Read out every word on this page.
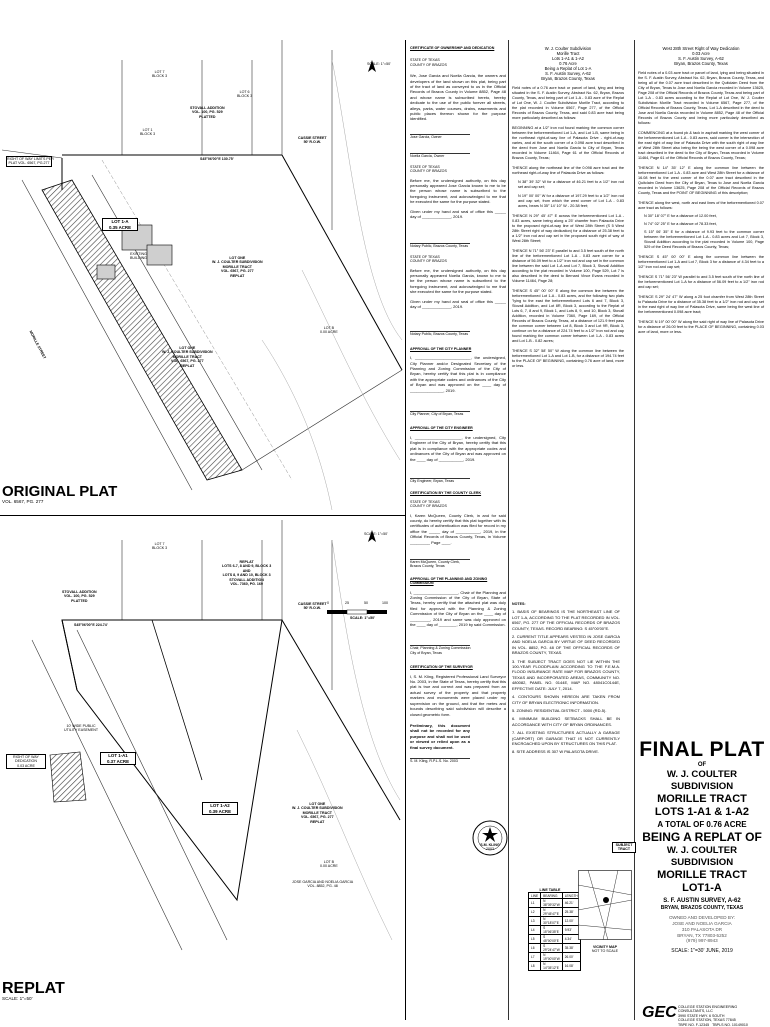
SCALE: 1"=50'
LOT 7
BLOCK 3
LOT 6
BLOCK 3
LOT 1
BLOCK 3
STOVALL ADDITION
VOL. 100, PG. 529
PLATTED
CASSIE STREET
50' R.O.W.
S45°06'00"E 130.75'
RIGHT OF WAY LIMITS PER
PLAT VOL. 6567, PG.277
LOT 1-A
0.35 ACRE
LOT ONE
W. J. COULTER SUBDIVISION
MORILLE TRACT
VOL. 6567, PG. 277
REPLAT
LOT ONE
W. J. COULTER SUBDIVISION
MORILLE TRACT
VOL. 6567, PG. 277
REPLAT
LOT B
0.00 ACRE
EXISTING
BUILDING
MORILLE STREET
ORIGINAL PLAT
VOL. 6567, PG. 277
SCALE: 1"=50'
LOT 7
BLOCK 3
REPLAT
LOTS 6-7, 8 AND 9, BLOCK 3
AND
LOTS 8, 9 AND 10, BLOCK 3
STOVALL ADDITION
VOL. 7360, PG. 169
STOVALL ADDITION
VOL. 100, PG. 529
PLATTED
CASSIE STREET
50' R.O.W.
S45°06'00"E 224.74'
RIGHT OF WAY
DEDICATION
0.03 ACRE
LOT 1-A1
0.37 ACRE
LOT 1-A2
0.39 ACRE
LOT ONE
W. J. COULTER SUBDIVISION
MORILLE TRACT
VOL. 6567, PG. 277
REPLAT
10' WIDE PUBLIC
UTILITY EASEMENT
LOT B
0.00 ACRE
JOSE GARCIA AND NOELIA GARCIA
VOL. 8852, PG. 48
0	25	50	100
SCALE: 1"=50'
REPLAT
SCALE: 1"=50'
CERTIFICATE OF OWNERSHIP AND DEDICATION
STATE OF TEXAS
COUNTY OF BRAZOS
We, Jose Garcia and Noelia Garcia, the owners and developers of the land shown on this plat, being part of the tract of land as conveyed to us in the Official Records of Brazos County in Volume 8852, Page 48 and whose name is subscribed hereto, hereby dedicate to the use of the public forever all streets, alleys, parks, water courses, drains, easements and public places thereon shown for the purpose identified.
Jose Garcia, Owner
Noelia Garcia, Owner
STATE OF TEXAS
COUNTY OF BRAZOS
Before me, the undersigned authority, on this day personally appeared Jose Garcia known to me to be the person whose name is subscribed to the foregoing instrument, and acknowledged to me that he executed the same for the purpose stated.
Given under my hand and seal of office this _____ day of _____________, 2019.
Notary Public, Brazos County, Texas
STATE OF TEXAS
COUNTY OF BRAZOS
Before me, the undersigned authority, on this day personally appeared Noelia Garcia, known to me to be the person whose name is subscribed to the foregoing instrument, and acknowledged to me that she executed the same for the purpose stated.
Given under my hand and seal of office this _____ day of _____________, 2019.
Notary Public, Brazos County, Texas
APPROVAL OF THE CITY PLANNER
I, _________________________, the undersigned, City Planner and/or Designated Secretary of the Planning and Zoning Commission of the City of Bryan, hereby certify that this plat is in compliance with the appropriate codes and ordinances of the City of Bryan and was approved on the ____ day of _______________, 2019.
City Planner, City of Bryan, Texas
APPROVAL OF THE CITY ENGINEER
I, _____________________, the undersigned, City Engineer of the City of Bryan, hereby certify that this plat is in compliance with the appropriate codes and ordinances of the City of Bryan and was approved on the ____ day of ___________, 2019.
City Engineer, Bryan, Texas
CERTIFICATION BY THE COUNTY CLERK
STATE OF TEXAS
COUNTY OF BRAZOS
I, Karen McQueen, County Clerk, in and for said county, do hereby certify that this plat together with its certificates of authentication was filed for record in my office the _____ day of ___________, 2019, in the Official Records of Brazos County, Texas, in Volume _________ Page ____.
Karen McQueen, County Clerk,
Brazos County, Texas
APPROVAL OF THE PLANNING AND ZONING COMMISSION
I, ____________________, Chair of the Planning and Zoning Commission of the City of Bryan, State of Texas, hereby certify that the attached plat was duly filed for approval with the Planning & Zoning Commission of the City of Bryan on the ____ day of _________, 2019 and same was duly approved on the ____ day of ________, 2019 by said Commission.
Chair, Planning & Zoning Commission
City of Bryan, Texas
CERTIFICATION OF THE SURVEYOR
I, S. M. Kling, Registered Professional Land Surveyor No. 2003, in the State of Texas, hereby certify that this plat is true and correct and was prepared from an actual survey of the property and that property markers and monuments were placed under my supervision on the ground, and that the metes and bounds describing said subdivision will describe a closed geometric form.
Preliminary, this document shall not be recorded for any purpose and shall not be used or viewed or relied upon as a final survey document.
S. M. Kling, R.P.L.S. No. 2003
S.M. KLING
2003
W. J. Coulter Subdivision
Morille Tract
Lots 1-A1 & 1-A2
0.76 Acre
Being a Replat of Lot 1-A
S. F. Austin Survey, A-62
Bryan, Brazos County, Texas
Field notes of a 0.76 acre tract or parcel of land, lying and being situated in the S. F. Austin Survey, Abstract No. 62, Bryan, Brazos County, Texas, and being part of Lot 1-A - 0.83 acre of the Replat of Lot One, W. J. Coulter Subdivision Morille Tract, according to the plat recorded in Volume 6567, Page 277, of the Official Records of Brazos County, Texas, and said 0.83 acre tract being more particularly described as follows:
BEGINNING at a 1/2" iron rod found marking the common corner between the beforementioned Lot 1-A, and Lot 1-B, same being in the northeast right-of-way line of Palasota Drive - right-of-way varies, and at the south corner of a 0.098 acre tract described in the deed from Jose and Noelia Garcia to City of Bryan, Texas recorded in Volume 11464, Page 61 of the Official Records of Brazos County, Texas;
THENCE along the northeast line of the 0.098 acre tract and the northeast right-of-way line of Palasota Drive as follows:
N 38° 39' 32" W for a distance of 46.21 feet to a 1/2" iron rod set and cap set;
N 19° 00' 00" W for a distance of 197.29 feet to a 1/2" iron rod and cap set, from which the west corner of Lot 1-A - 0.83 acres, bears N 35° 14' 10" W - 20.38 feet;
THENCE N 29° 45' 47" E across the beforementioned Lot 1-A - 0.83 acres, same being along a 25' chamfer from Palasota Drive to the proposed right-of-way line of West 28th Street (S 5 West 28th Street right of way dedication) for a distance of 25.38 feet to a 1/2" iron rod and cap set in the proposed south right of way of West 28th Street;
THENCE N 71° 56' 23" E parallel to and 3.5 feet south of the north line of the beforementioned Lot 1-A - 0.83 acre corner for a distance of 56.09 feet to a 1/2" iron rod and cap set in the common line between the said Lot 1-A and Lot 7, Block 3, Stovall Addition according to the plat recorded in Volume 100, Page 529, Lot 7 is also described in the deed to Bernard Vince Evans recorded in Volume 11464, Page 28;
THENCE S 45° 00' 00" E along the common line between the beforementioned Lot 1-A - 0.83 acres, and the following two plats "lying to the east the beforementioned Lots 6 and 7, Block 3, Stovall Addition, and Lot 8R, Block 3, according to the Replat of Lots 6, 7, 8 and 9, Block 1, and Lots 8, 9, and 10, Block 3, Stovall Addition, recorded in Volume 7360, Page 169, of the Official Records of Brazos County, Texas, at a distance of 121.9 feet pass the common corner between Lot 8, Block 3 and Lot 9R, Block 3, continue on for a distance of 224.74 feet to a 1/2" iron rod and cap found marking the common corner between Lot 1-A - 0.83 acres and Lot 1-B - 0.82 acres;
THENCE S 32° 58' 50" W along the common line between the beforementioned Lot 1-A and Lot 1-B, for a distance of 194.74 feet to the PLACE OF BEGINNING, containing 0.76 acre of land, more or less.
NOTES:
1. BASIS OF BEARINGS IS THE NORTHEAST LINE OF LOT 1-A, ACCORDING TO THE PLAT RECORDED IN VOL. 6567, PG. 277 OF THE OFFICIAL RECORDS OF BRAZOS COUNTY, TEXAS. RECORD BEARING: S 45°00'00"E.
2. CURRENT TITLE APPEARS VESTED IN JOSE GARCIA AND NOELIA GARCIA BY VIRTUE OF DEED RECORDED IN VOL. 8852, PG. 48 OF THE OFFICIAL RECORDS OF BRAZOS COUNTY, TEXAS.
3. THE SUBJECT TRACT DOES NOT LIE WITHIN THE 100-YEAR FLOODPLAIN ACCORDING TO THE F.E.M.A. FLOOD INSURANCE RATE MAP FOR BRAZOS COUNTY, TEXAS AND INCORPORATED AREAS, COMMUNITY NO. 480082, PANEL NO. 0144E, MAP NO. 48041C0144E, EFFECTIVE DATE: JULY 7, 2014.
4. CONTOURS SHOWN HEREON ARE TAKEN FROM CITY OF BRYAN ELECTRONIC INFORMATION.
5. ZONING: RESIDENTIAL DISTRICT - 5000 (RD-5).
6. MINIMUM BUILDING SETBACKS SHALL BE IN ACCORDANCE WITH CITY OF BRYAN ORDINANCES.
7. ALL EXISTING STRUCTURES ACTUALLY A GARAGE (CARPORT) OR GARAGE THAT IS NOT CURRENTLY ENCROACHED UPON BY STRUCTURES ON THIS PLAT.
8. SITE ADDRESS IS 307 W PALASOTA DRIVE.
LINE TABLE
LINE	BEARING	LENGTH
L1	N 38°39'32"W	46.21'
L2	N 29°45'47"E	25.38'
L3	N 30°18'07"E	12.00'
L4	S 15°06'35"E	9.93'
L5	S 45°00'00"E	4.34'
L6	S 29°24'47"W	35.38'
L7	N 19°00'00"W	26.00'
L8	N 14°35'12"E	16.08'
VICINITY MAP
NOT TO SCALE
West 28th Street Right of Way Dedication
0.03 Acre
S. F. Austin Survey, A-62
Bryan, Brazos County, Texas
Field notes of a 0.03 acre tract or parcel of land, lying and being situated in the S. F. Austin Survey, Abstract No. 62, Bryan, Brazos County, Texas, and being all of the 0.07 acre tract described in the Quitclaim Deed from the City of Bryan, Texas to Jose and Noelia Garcia recorded in Volume 13625, Page 208 of the Official Records of Brazos County, Texas and being part of Lot 1-A - 0.83 acres according to the Replat of Lot One, W. J. Coulter Subdivision Morille Tract recorded in Volume 6567, Page 277, of the Official Records of Brazos County, Texas, Lot 1-A described in the deed to Jose and Noelia Garcia recorded in Volume 8852, Page 48 of the Official Records of Brazos County and being more particularly described as follows:
COMMENCING at a found pk & tack in asphalt marking the west corner of the beforementioned Lot 1-A - 0.83 acres, said corner is the intersection of the east right of way line of Palasota Drive with the south right of way line of West 28th Street also being the being the west corner of a 0.098 acre tract described in the deed to the City of Bryan, Texas recorded in Volume 11464, Page 61 of the Official Records of Brazos County, Texas;
THENCE N 14° 35' 12" E along the common line between the beforementioned Lot 1-A - 0.83 acre and West 28th Street for a distance of 16.08 feet to the west corner of the 0.07 acre tract described in the Quitclaim Deed from the City of Bryan, Texas to Jose and Noelia Garcia recorded in Volume 13625, Page 208 of the Official Records of Brazos County, Texas and the POINT OF BEGINNING of this description;
THENCE along the west, north and east lines of the beforementioned 0.07 acre tract as follows:
N 30° 18' 07" E for a distance of 12.00 feet,
N 74° 02' 25" E for a distance of 78.33 feet,
S 15° 06' 35" E for a distance of 9.93 feet to the common corner between the beforementioned Lot 1-A - 0.83 acres and Lot 7, Block 3, Stovall Addition according to the plat recorded in Volume 100, Page 529 of the Deed Records of Brazos County, Texas;
THENCE S 45° 00' 00" E along the common line between the beforementioned Lot 1-A and Lot 7, Block 3 for a distance of 4.34 feet to a 1/2" iron rod and cap set;
THENCE S 71° 56' 23" W parallel to and 3.5 feet south of the north line of the beforementioned Lot 1-A for a distance of 56.09 feet to a 1/2" iron rod and cap set;
THENCE S 29° 24' 47" W along a 25 foot chamfer from West 28th Street to Palasota Drive for a distance of 35.38 feet to a 1/2" iron rod and cap set in the east right of way line of Palasota Drive, same being the west line of the beforementioned 0.098 acre tract;
THENCE N 19° 00' 00" W along the said right of way line of Palasota Drive for a distance of 26.00 feet to the PLACE OF BEGINNING, containing 0.03 acre of land, more or less.
FINAL PLAT
OF
W. J. COULTER SUBDIVISION
MORILLE TRACT
LOTS 1-A1 & 1-A2
A TOTAL OF 0.76 ACRE
BEING A REPLAT OF
W. J. COULTER SUBDIVISION
MORILLE TRACT
LOT1-A
S. F. AUSTIN SURVEY, A-62
BRYAN, BRAZOS COUNTY, TEXAS
OWNED AND DEVELOPED BY:
JOSE AND NOELIA GARCIA
310 PALASOTA DR
BRYAN, TX 77803-5252
(979) 997-8943
SCALE: 1"=30' JUNE, 2019
GEC COLLEGE STATION ENGINEERING
CONSULTANTS, LLC
3990 STATE HWY. 6 SOUTH
COLLEGE STATION, TEXAS 77845
TBPE NO. F-12345   TBPLS NO. 10149010
SUBJECT
TRACT
